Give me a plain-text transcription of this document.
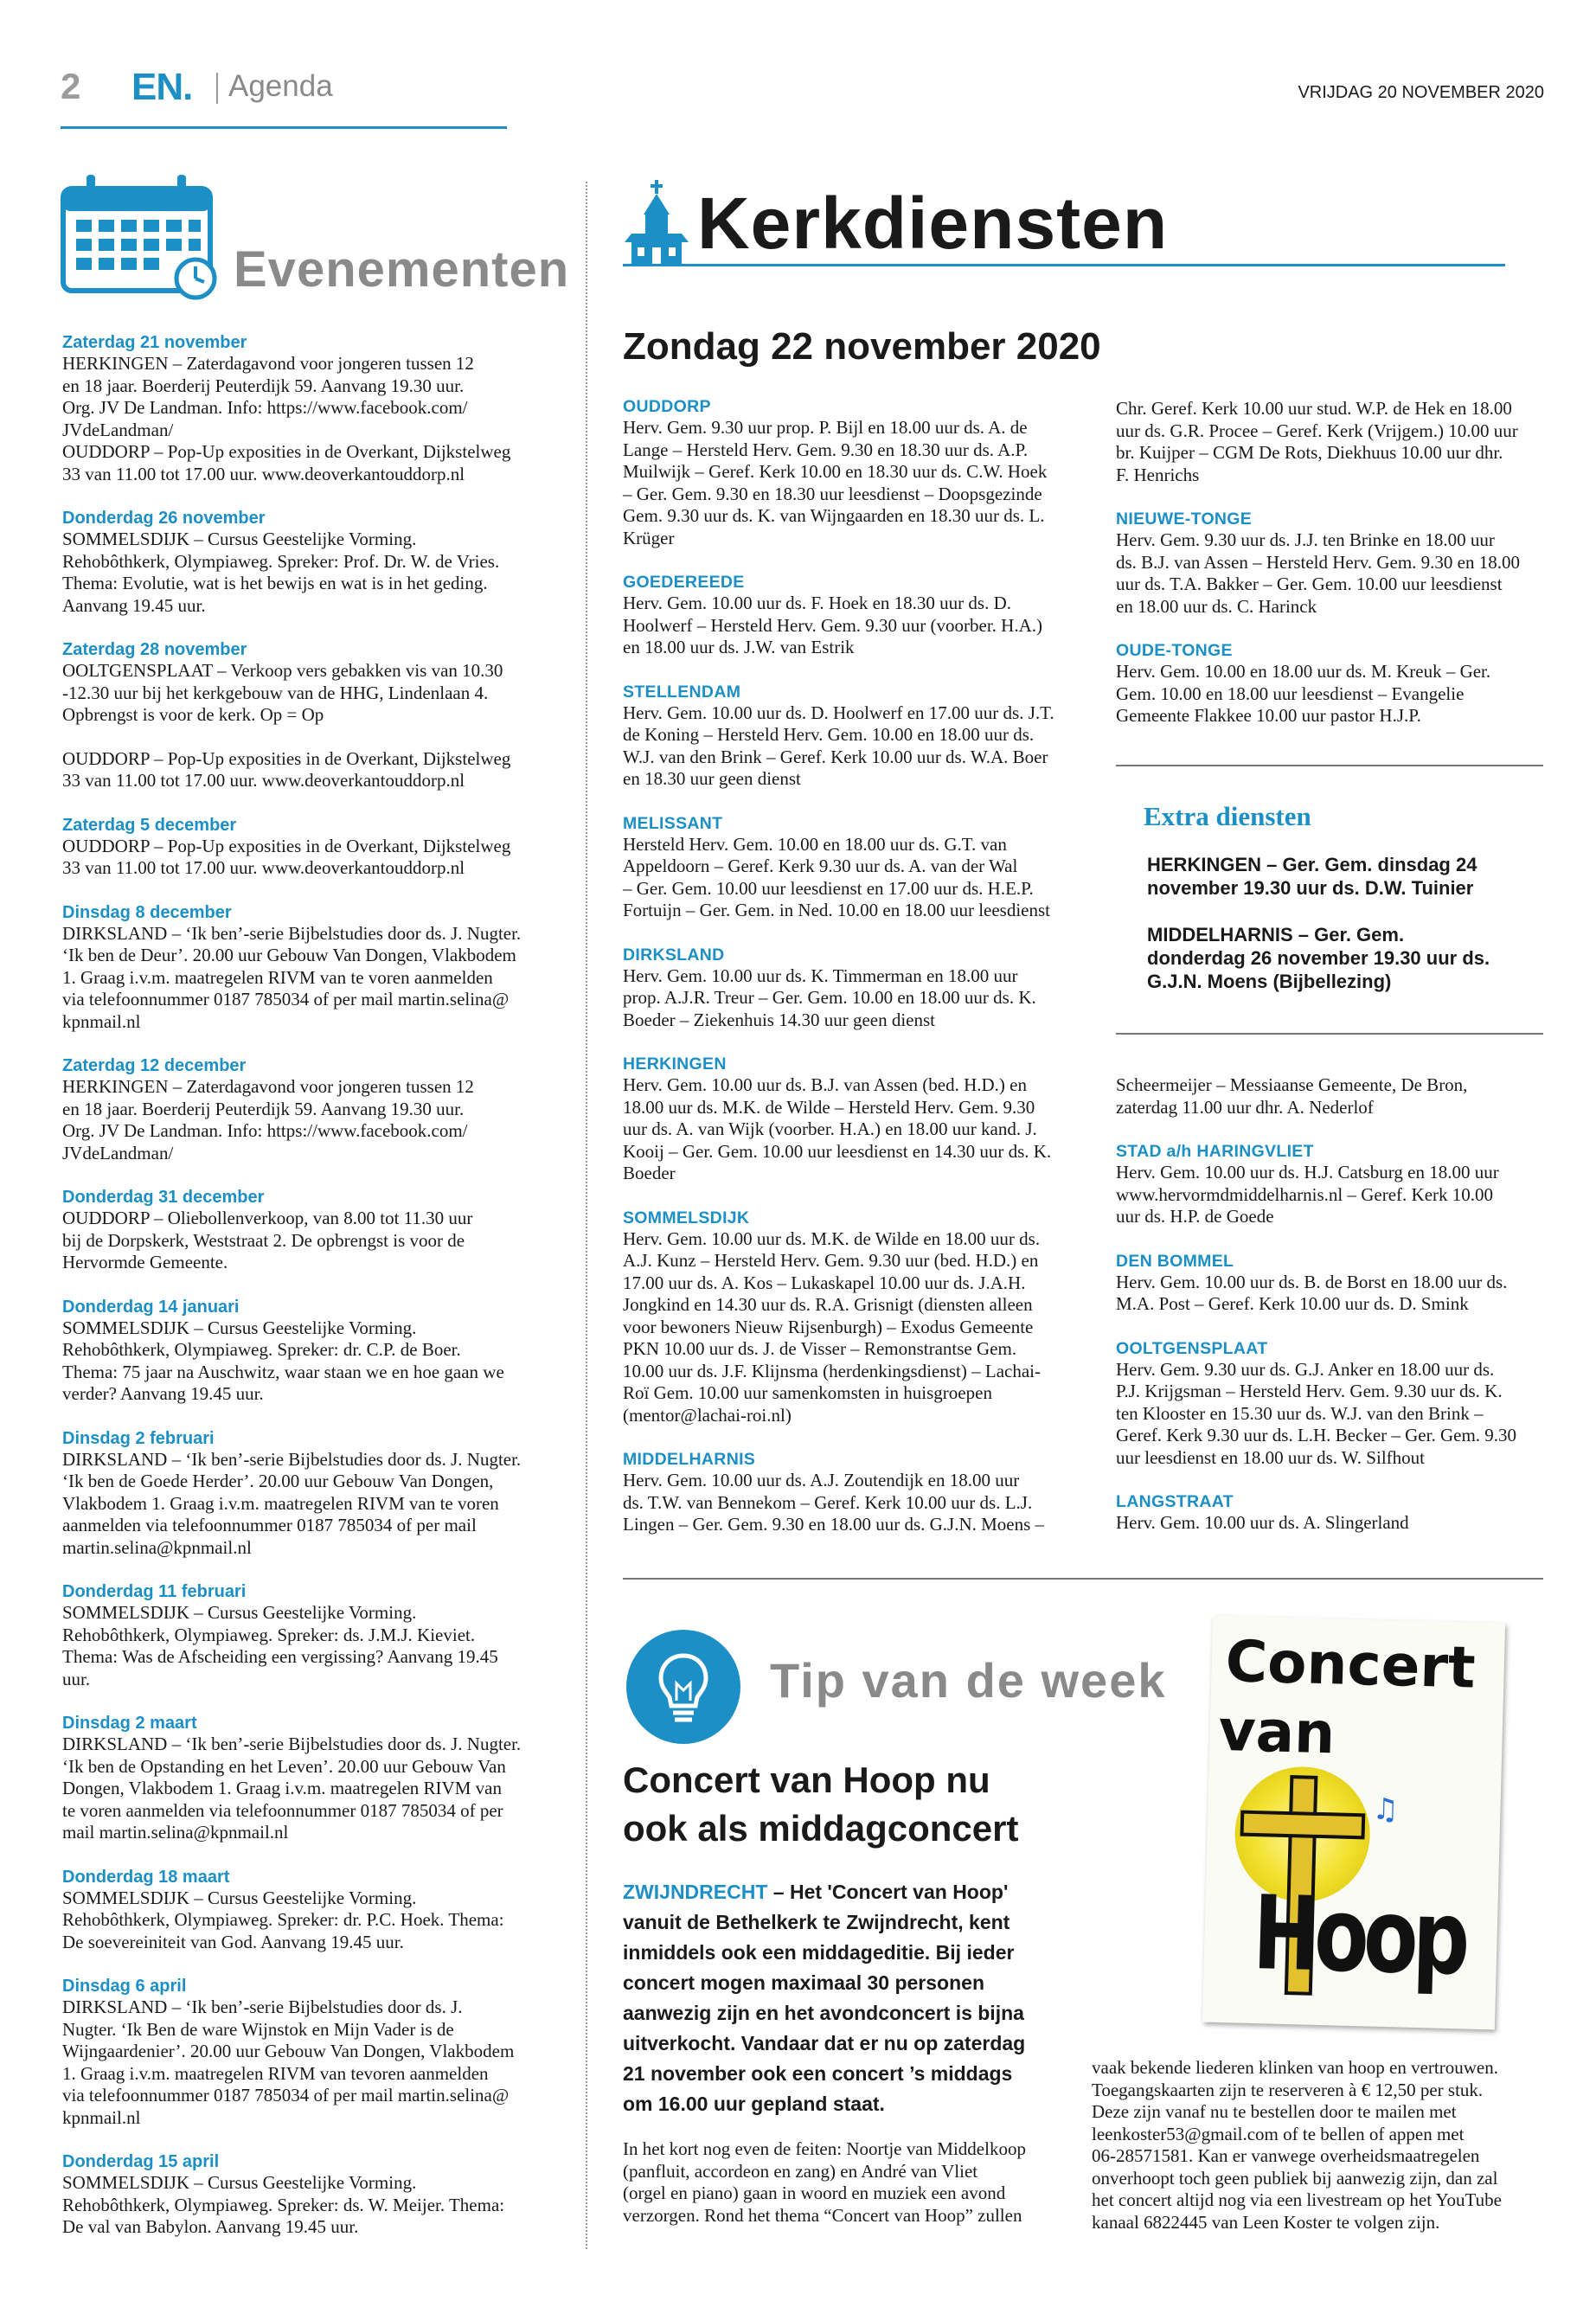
2 EN. Agenda	VRIJDAG 20 NOVEMBER 2020
Evenementen
Zaterdag 21 november
HERKINGEN – Zaterdagavond voor jongeren tussen 12
en 18 jaar. Boerderij Peuterdijk 59. Aanvang 19.30 uur.
Org. JV De Landman. Info: https://www.facebook.com/
JVdeLandman/
OUDDORP – Pop-Up exposities in de Overkant, Dijkstelweg
33 van 11.00 tot 17.00 uur. www.deoverkantouddorp.nl
Donderdag 26 november
SOMMELSDIJK – Cursus Geestelijke Vorming.
Rehobôthkerk, Olympiaweg. Spreker: Prof. Dr. W. de Vries.
Thema: Evolutie, wat is het bewijs en wat is in het geding.
Aanvang 19.45 uur.
Zaterdag 28 november
OOLTGENSPLAAT – Verkoop vers gebakken vis van 10.30
-12.30 uur bij het kerkgebouw van de HHG, Lindenlaan 4.
Opbrengst is voor de kerk. Op = Op
OUDDORP – Pop-Up exposities in de Overkant, Dijkstelweg
33 van 11.00 tot 17.00 uur. www.deoverkantouddorp.nl
Zaterdag 5 december
OUDDORP – Pop-Up exposities in de Overkant, Dijkstelweg
33 van 11.00 tot 17.00 uur. www.deoverkantouddorp.nl
Dinsdag 8 december
DIRKSLAND – ‘Ik ben’-serie Bijbelstudies door ds. J. Nugter.
‘Ik ben de Deur’. 20.00 uur Gebouw Van Dongen, Vlakbodem
1. Graag i.v.m. maatregelen RIVM van te voren aanmelden
via telefoonnummer 0187 785034 of per mail martin.selina@
kpnmail.nl
Zaterdag 12 december
HERKINGEN – Zaterdagavond voor jongeren tussen 12
en 18 jaar. Boerderij Peuterdijk 59. Aanvang 19.30 uur.
Org. JV De Landman. Info: https://www.facebook.com/
JVdeLandman/
Donderdag 31 december
OUDDORP – Oliebollenverkoop, van 8.00 tot 11.30 uur
bij de Dorpskerk, Weststraat 2. De opbrengst is voor de
Hervormde Gemeente.
Donderdag 14 januari
SOMMELSDIJK – Cursus Geestelijke Vorming.
Rehobôthkerk, Olympiaweg. Spreker: dr. C.P. de Boer.
Thema: 75 jaar na Auschwitz, waar staan we en hoe gaan we
verder? Aanvang 19.45 uur.
Dinsdag 2 februari
DIRKSLAND – ‘Ik ben’-serie Bijbelstudies door ds. J. Nugter.
‘Ik ben de Goede Herder’. 20.00 uur Gebouw Van Dongen,
Vlakbodem 1. Graag i.v.m. maatregelen RIVM van te voren
aanmelden via telefoonnummer 0187 785034 of per mail
martin.selina@kpnmail.nl
Donderdag 11 februari
SOMMELSDIJK – Cursus Geestelijke Vorming.
Rehobôthkerk, Olympiaweg. Spreker: ds. J.M.J. Kieviet.
Thema: Was de Afscheiding een vergissing? Aanvang 19.45
uur.
Dinsdag 2 maart
DIRKSLAND – ‘Ik ben’-serie Bijbelstudies door ds. J. Nugter.
‘Ik ben de Opstanding en het Leven’. 20.00 uur Gebouw Van
Dongen, Vlakbodem 1. Graag i.v.m. maatregelen RIVM van
te voren aanmelden via telefoonnummer 0187 785034 of per
mail martin.selina@kpnmail.nl
Donderdag 18 maart
SOMMELSDIJK – Cursus Geestelijke Vorming.
Rehobôthkerk, Olympiaweg. Spreker: dr. P.C. Hoek. Thema:
De soevereiniteit van God. Aanvang 19.45 uur.
Dinsdag 6 april
DIRKSLAND – ‘Ik ben’-serie Bijbelstudies door ds. J.
Nugter. ‘Ik Ben de ware Wijnstok en Mijn Vader is de
Wijngaardenier’. 20.00 uur Gebouw Van Dongen, Vlakbodem
1. Graag i.v.m. maatregelen RIVM van tevoren aanmelden
via telefoonnummer 0187 785034 of per mail martin.selina@
kpnmail.nl
Donderdag 15 april
SOMMELSDIJK – Cursus Geestelijke Vorming.
Rehobôthkerk, Olympiaweg. Spreker: ds. W. Meijer. Thema:
De val van Babylon. Aanvang 19.45 uur.
Kerkdiensten
Zondag 22 november 2020
OUDDORP
Herv. Gem. 9.30 uur prop. P. Bijl en 18.00 uur ds. A. de
Lange – Hersteld Herv. Gem. 9.30 en 18.30 uur ds. A.P.
Muilwijk – Geref. Kerk 10.00 en 18.30 uur ds. C.W. Hoek
– Ger. Gem. 9.30 en 18.30 uur leesdienst – Doopsgezinde
Gem. 9.30 uur ds. K. van Wijngaarden en 18.30 uur ds. L.
Krüger
GOEDEREEDE
Herv. Gem. 10.00 uur ds. F. Hoek en 18.30 uur ds. D.
Hoolwerf – Hersteld Herv. Gem. 9.30 uur (voorber. H.A.)
en 18.00 uur ds. J.W. van Estrik
STELLENDAM
Herv. Gem. 10.00 uur ds. D. Hoolwerf en 17.00 uur ds. J.T.
de Koning – Hersteld Herv. Gem. 10.00 en 18.00 uur ds.
W.J. van den Brink – Geref. Kerk 10.00 uur ds. W.A. Boer
en 18.30 uur geen dienst
MELISSANT
Hersteld Herv. Gem. 10.00 en 18.00 uur ds. G.T. van
Appeldoorn – Geref. Kerk 9.30 uur ds. A. van der Wal
– Ger. Gem. 10.00 uur leesdienst en 17.00 uur ds. H.E.P.
Fortuijn – Ger. Gem. in Ned. 10.00 en 18.00 uur leesdienst
DIRKSLAND
Herv. Gem. 10.00 uur ds. K. Timmerman en 18.00 uur
prop. A.J.R. Treur – Ger. Gem. 10.00 en 18.00 uur ds. K.
Boeder – Ziekenhuis 14.30 uur geen dienst
HERKINGEN
Herv. Gem. 10.00 uur ds. B.J. van Assen (bed. H.D.) en
18.00 uur ds. M.K. de Wilde – Hersteld Herv. Gem. 9.30
uur ds. A. van Wijk (voorber. H.A.) en 18.00 uur kand. J.
Kooij – Ger. Gem. 10.00 uur leesdienst en 14.30 uur ds. K.
Boeder
SOMMELSDIJK
Herv. Gem. 10.00 uur ds. M.K. de Wilde en 18.00 uur ds.
A.J. Kunz – Hersteld Herv. Gem. 9.30 uur (bed. H.D.) en
17.00 uur ds. A. Kos – Lukaskapel 10.00 uur ds. J.A.H.
Jongkind en 14.30 uur ds. R.A. Grisnigt (diensten alleen
voor bewoners Nieuw Rijsenburgh) – Exodus Gemeente
PKN 10.00 uur ds. J. de Visser – Remonstrantse Gem.
10.00 uur ds. J.F. Klijnsma (herdenkingsdienst) – Lachai-
Roï Gem. 10.00 uur samenkomsten in huisgroepen
(mentor@lachai-roi.nl)
MIDDELHARNIS
Herv. Gem. 10.00 uur ds. A.J. Zoutendijk en 18.00 uur
ds. T.W. van Bennekom – Geref. Kerk 10.00 uur ds. L.J.
Lingen – Ger. Gem. 9.30 en 18.00 uur ds. G.J.N. Moens –
Chr. Geref. Kerk 10.00 uur stud. W.P. de Hek en 18.00
uur ds. G.R. Procee – Geref. Kerk (Vrijgem.) 10.00 uur
br. Kuijper – CGM De Rots, Diekhuus 10.00 uur dhr.
F. Henrichs
NIEUWE-TONGE
Herv. Gem. 9.30 uur ds. J.J. ten Brinke en 18.00 uur
ds. B.J. van Assen – Hersteld Herv. Gem. 9.30 en 18.00
uur ds. T.A. Bakker – Ger. Gem. 10.00 uur leesdienst
en 18.00 uur ds. C. Harinck
OUDE-TONGE
Herv. Gem. 10.00 en 18.00 uur ds. M. Kreuk – Ger.
Gem. 10.00 en 18.00 uur leesdienst – Evangelie
Gemeente Flakkee 10.00 uur pastor H.J.P.
Extra diensten
HERKINGEN – Ger. Gem. dinsdag 24
november 19.30 uur ds. D.W. Tuinier
MIDDELHARNIS – Ger. Gem.
donderdag 26 november 19.30 uur ds.
G.J.N. Moens (Bijbellezing)
Scheermeijer – Messiaanse Gemeente, De Bron,
zaterdag 11.00 uur dhr. A. Nederlof
STAD a/h HARINGVLIET
Herv. Gem. 10.00 uur ds. H.J. Catsburg en 18.00 uur
www.hervormdmiddelharnis.nl – Geref. Kerk 10.00
uur ds. H.P. de Goede
DEN BOMMEL
Herv. Gem. 10.00 uur ds. B. de Borst en 18.00 uur ds.
M.A. Post – Geref. Kerk 10.00 uur ds. D. Smink
OOLTGENSPLAAT
Herv. Gem. 9.30 uur ds. G.J. Anker en 18.00 uur ds.
P.J. Krijgsman – Hersteld Herv. Gem. 9.30 uur ds. K.
ten Klooster en 15.30 uur ds. W.J. van den Brink –
Geref. Kerk 9.30 uur ds. L.H. Becker – Ger. Gem. 9.30
uur leesdienst en 18.00 uur ds. W. Silfhout
LANGSTRAAT
Herv. Gem. 10.00 uur ds. A. Slingerland
Tip van de week
Concert van Hoop nu
ook als middagconcert
ZWIJNDRECHT – Het 'Concert van Hoop'
vanuit de Bethelkerk te Zwijndrecht, kent
inmiddels ook een middageditie. Bij ieder
concert mogen maximaal 30 personen
aanwezig zijn en het avondconcert is bijna
uitverkocht. Vandaar dat er nu op zaterdag
21 november ook een concert ’s middags
om 16.00 uur gepland staat.
In het kort nog even de feiten: Noortje van Middelkoop
(panfluit, accordeon en zang) en André van Vliet
(orgel en piano) gaan in woord en muziek een avond
verzorgen. Rond het thema “Concert van Hoop” zullen
vaak bekende liederen klinken van hoop en vertrouwen.
Toegangskaarten zijn te reserveren à € 12,50 per stuk.
Deze zijn vanaf nu te bestellen door te mailen met
leenkoster53@gmail.com of te bellen of appen met
06-28571581. Kan er vanwege overheidsmaatregelen
onverhoopt toch geen publiek bij aanwezig zijn, dan zal
het concert altijd nog via een livestream op het YouTube
kanaal 6822445 van Leen Koster te volgen zijn.
Concert
van
♫
Hoop
